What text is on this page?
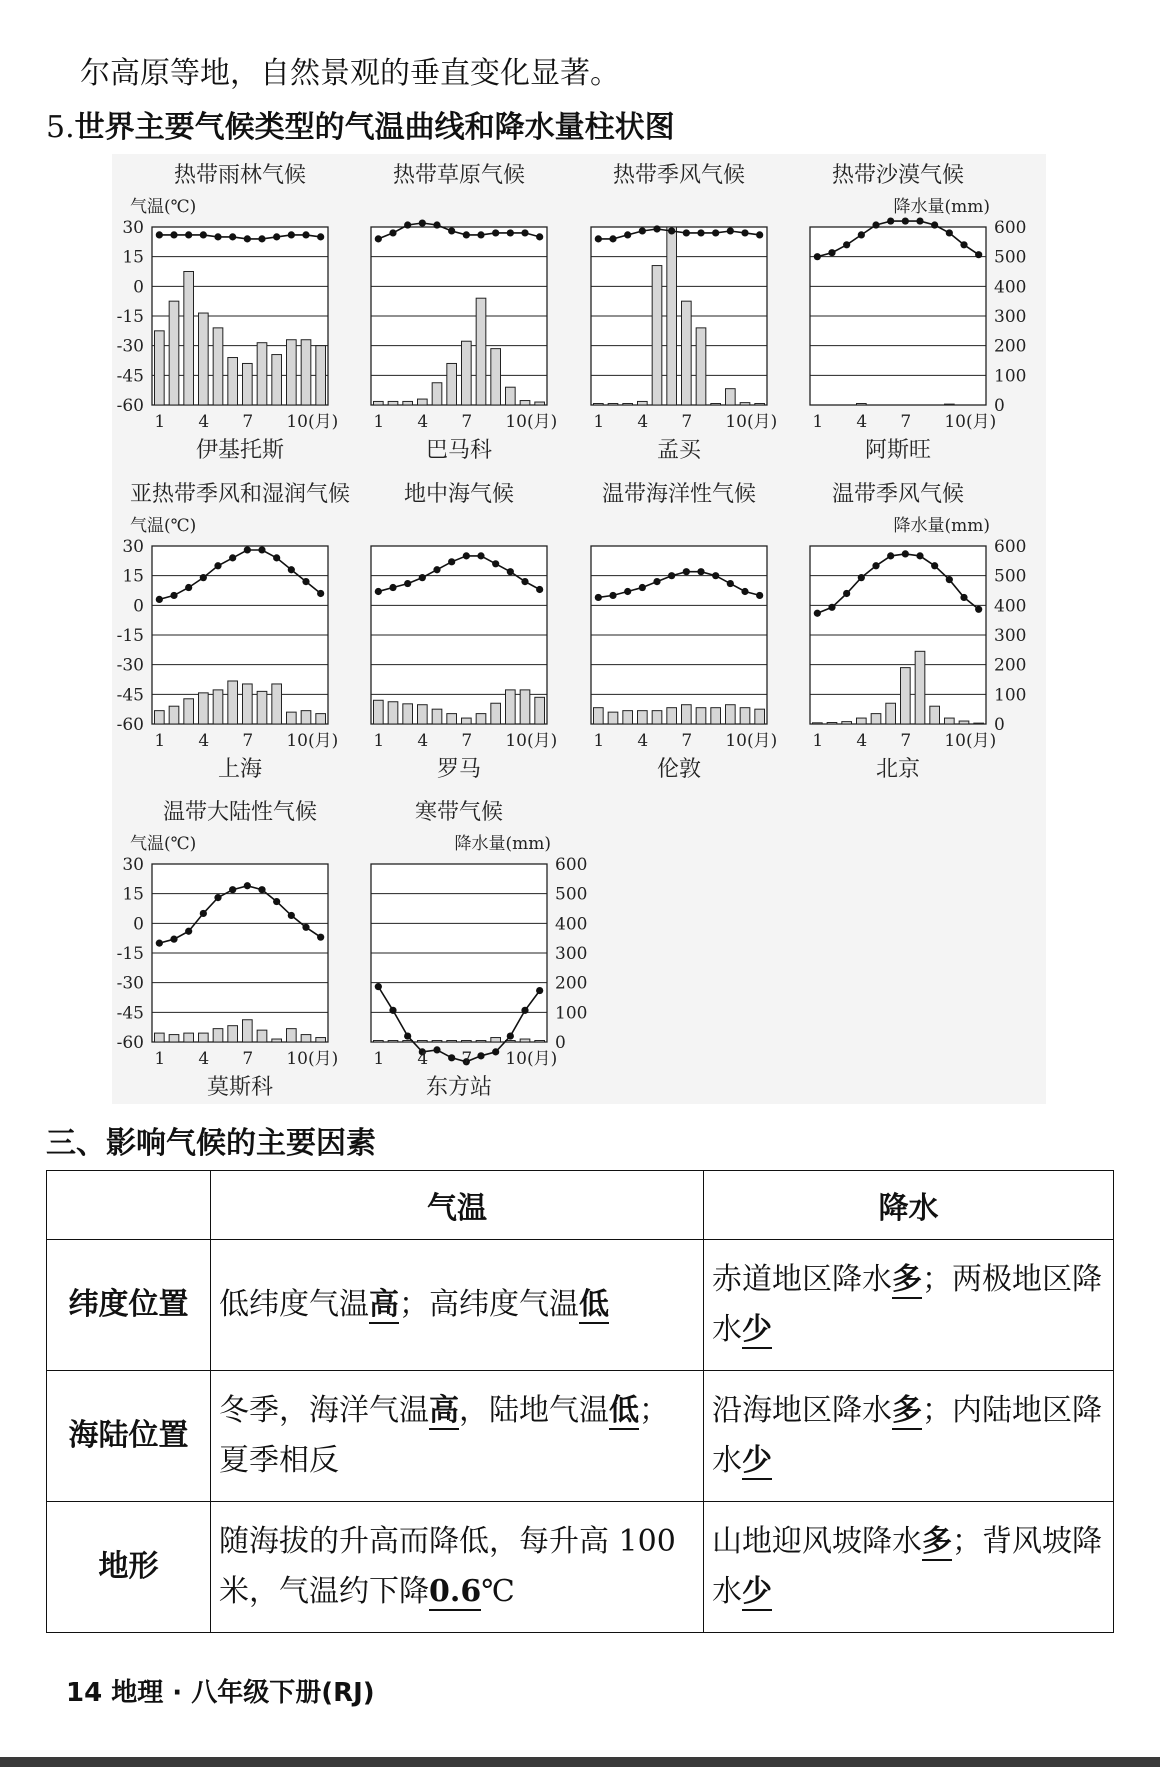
尔高原等地，自然景观的垂直变化显著。
5.世界主要气候类型的气温曲线和降水量柱状图
热带雨林气候
气温(℃)
30
15
0
-15
-30
-45
-60
1 4 7 10(月)
伊基托斯
热带草原气候
1 4 7 10(月)
巴马科
热带季风气候
1 4 7 10(月)
孟买
热带沙漠气候
降水量(mm)
600
500
400
300
200
100
0
1 4 7 10(月)
阿斯旺
亚热带季风和湿润气候
气温(℃)
30
15
0
-15
-30
-45
-60
1 4 7 10(月)
上海
地中海气候
1 4 7 10(月)
罗马
温带海洋性气候
1 4 7 10(月)
伦敦
温带季风气候
降水量(mm)
600
500
400
300
200
100
0
1 4 7 10(月)
北京
温带大陆性气候
气温(℃)
30
15
0
-15
-30
-45
-60
1 4 7 10(月)
莫斯科
寒带气候
降水量(mm)
600
500
400
300
200
100
0
1 4 7 10(月)
东方站
三、影响气候的主要因素
	气温	降水
纬度位置	低纬度气温高；高纬度气温低	赤道地区降水多；两极地区降水少
海陆位置	冬季，海洋气温高，陆地气温低；夏季相反	沿海地区降水多；内陆地区降水少
地形	随海拔的升高而降低，每升高 100 米，气温约下降0.6℃	山地迎风坡降水多；背风坡降水少
14 地理 · 八年级下册(RJ)
